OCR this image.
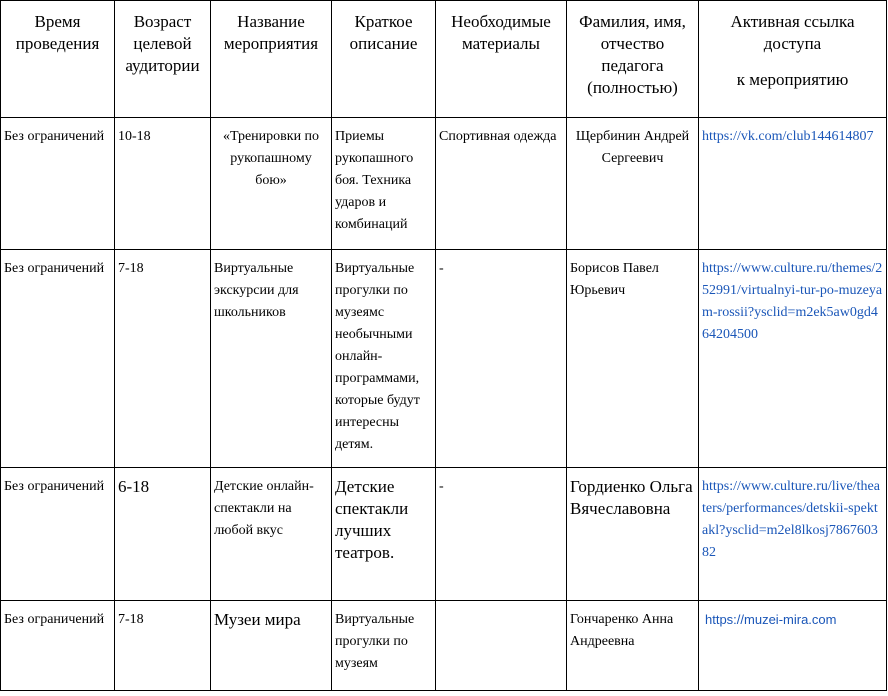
Время проведения	Возраст целевой аудитории	Название мероприятия	Краткое описание	Необходимые материалы	Фамилия, имя, отчество педагога (полностью)	Активная ссылка доступа
к мероприятию
Без ограничений	10-18	«Тренировки по рукопашному бою»	Приемы рукопашного боя. Техника ударов и комбинаций	Спортивная одежда	Щербинин Андрей Сергеевич	https://vk.com/club144614807
Без ограничений	7-18	Виртуальные экскурсии для школьников	Виртуальные прогулки по музеямс необычными онлайн-программами, которые будут интересны детям.	-	Борисов Павел Юрьевич	https://www.culture.ru/themes/252991/virtualnyi-tur-po-muzeyam-rossii?ysclid=m2ek5aw0gd464204500
Без ограничений	6-18	Детские онлайн-спектакли на любой вкус	Детские спектакли лучших театров.	-	Гордиенко Ольга Вячеславовна	https://www.culture.ru/live/theaters/performances/detskii-spektakl?ysclid=m2el8lkosj786760382
Без ограничений	7-18	Музеи мира	Виртуальные прогулки по музеям		Гончаренко Анна Андреевна	https://muzei-mira.com
